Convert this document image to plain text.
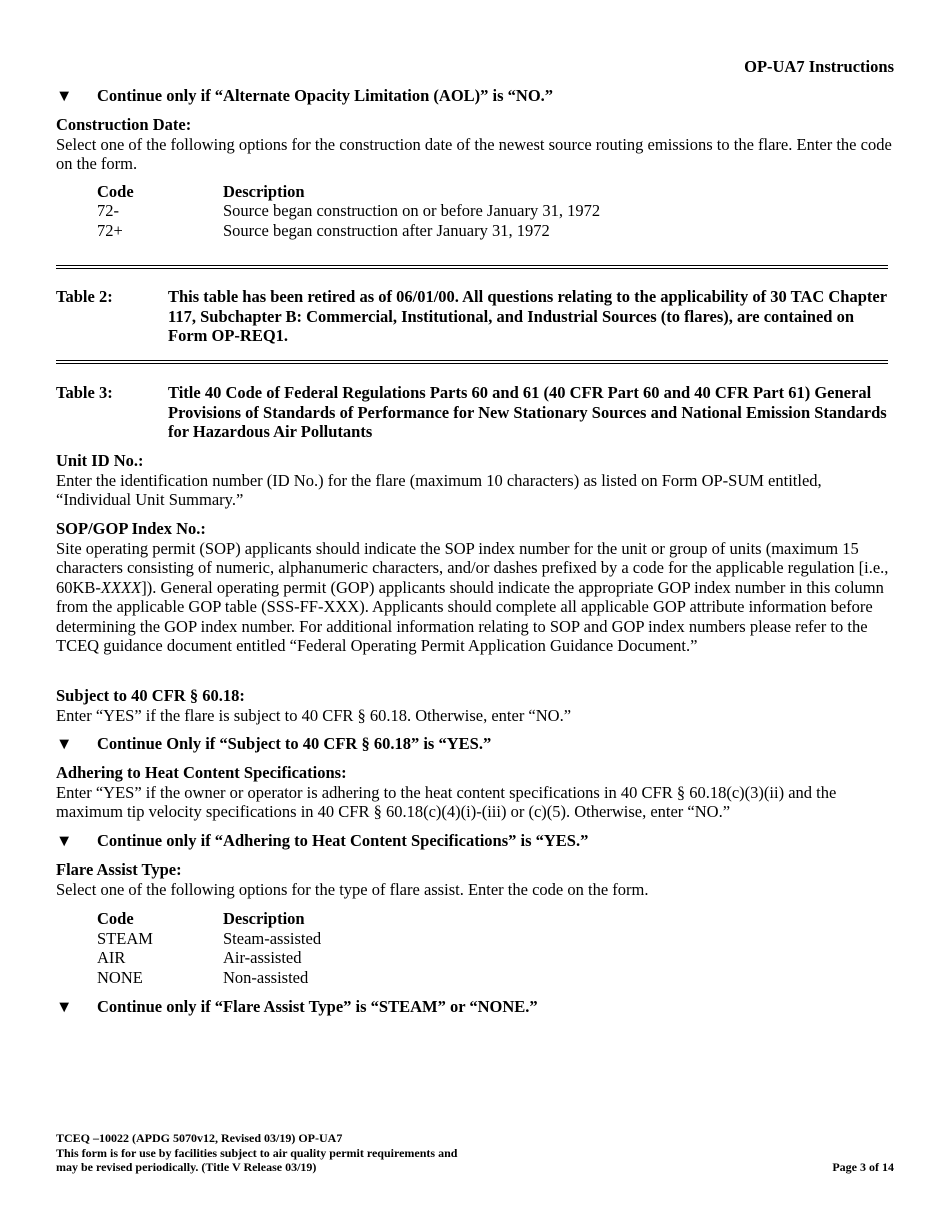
OP-UA7 Instructions
▼ Continue only if “Alternate Opacity Limitation (AOL)” is “NO.”

Construction Date:

Select one of the following options for the construction date of the newest source routing emissions to the flare. Enter the code on the form.

Code	Description
72-	Source began construction on or before January 31, 1972
72+	Source began construction after January 31, 1972
Table 2:	This table has been retired as of 06/01/00. All questions relating to the applicability of 30 TAC Chapter 117, Subchapter B: Commercial, Institutional, and Industrial Sources (to flares), are contained on Form OP-REQ1.
Table 3:	Title 40 Code of Federal Regulations Parts 60 and 61 (40 CFR Part 60 and 40 CFR Part 61) General Provisions of Standards of Performance for New Stationary Sources and National Emission Standards for Hazardous Air Pollutants

Unit ID No.:

Enter the identification number (ID No.) for the flare (maximum 10 characters) as listed on Form OP-SUM entitled, “Individual Unit Summary.”

SOP/GOP Index No.:

Site operating permit (SOP) applicants should indicate the SOP index number for the unit or group of units (maximum 15 characters consisting of numeric, alphanumeric characters, and/or dashes prefixed by a code for the applicable regulation [i.e., 60KB-XXXX]). General operating permit (GOP) applicants should indicate the appropriate GOP index number in this column from the applicable GOP table (SSS-FF-XXX). Applicants should complete all applicable GOP attribute information before determining the GOP index number. For additional information relating to SOP and GOP index numbers please refer to the TCEQ guidance document entitled “Federal Operating Permit Application Guidance Document.”

Subject to 40 CFR § 60.18:

Enter “YES” if the flare is subject to 40 CFR § 60.18. Otherwise, enter “NO.”

▼ Continue Only if “Subject to 40 CFR § 60.18” is “YES.”

Adhering to Heat Content Specifications:

Enter “YES” if the owner or operator is adhering to the heat content specifications in 40 CFR § 60.18(c)(3)(ii) and the maximum tip velocity specifications in 40 CFR § 60.18(c)(4)(i)-(iii) or (c)(5). Otherwise, enter “NO.”

▼ Continue only if “Adhering to Heat Content Specifications” is “YES.”

Flare Assist Type:

Select one of the following options for the type of flare assist. Enter the code on the form.

Code	Description
STEAM	Steam-assisted
AIR	Air-assisted
NONE	Non-assisted
▼ Continue only if “Flare Assist Type” is “STEAM” or “NONE.”
TCEQ –10022 (APDG 5070v12, Revised 03/19) OP-UA7
This form is for use by facilities subject to air quality permit requirements and
may be revised periodically. (Title V Release 03/19)	Page 3 of 14
